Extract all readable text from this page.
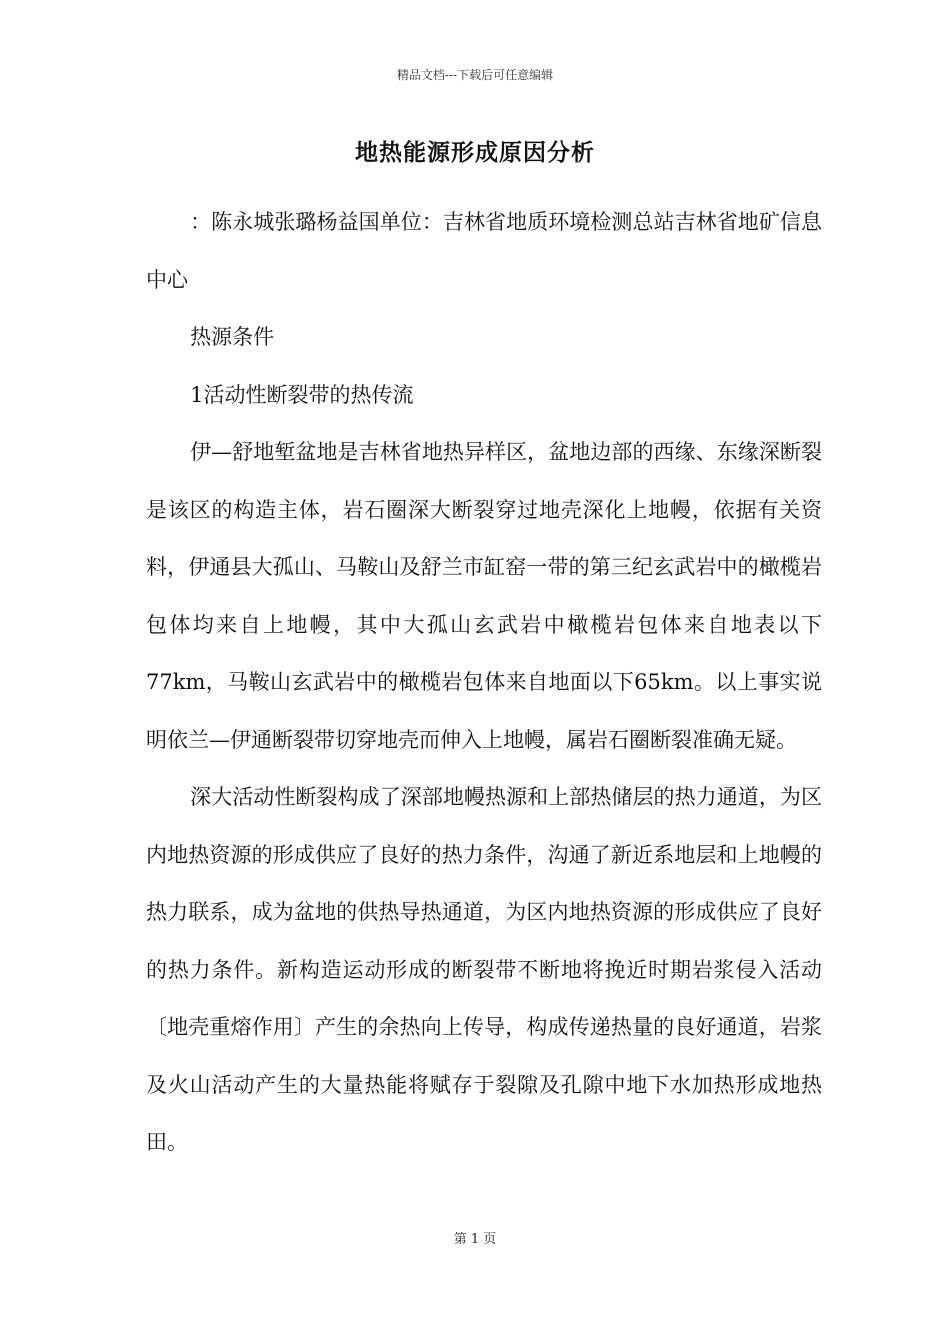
精品文档---下载后可任意编辑
地热能源形成原因分析

：陈永城张璐杨益国单位：吉林省地质环境检测总站吉林省地矿信息中心

热源条件

1活动性断裂带的热传流

伊—舒地堑盆地是吉林省地热异样区，盆地边部的西缘、东缘深断裂是该区的构造主体，岩石圈深大断裂穿过地壳深化上地幔，依据有关资料，伊通县大孤山、马鞍山及舒兰市缸窑一带的第三纪玄武岩中的橄榄岩包体均来自上地幔，其中大孤山玄武岩中橄榄岩包体来自地表以下77km，马鞍山玄武岩中的橄榄岩包体来自地面以下65km。以上事实说明依兰—伊通断裂带切穿地壳而伸入上地幔，属岩石圈断裂准确无疑。

深大活动性断裂构成了深部地幔热源和上部热储层的热力通道，为区内地热资源的形成供应了良好的热力条件，沟通了新近系地层和上地幔的热力联系，成为盆地的供热导热通道，为区内地热资源的形成供应了良好的热力条件。新构造运动形成的断裂带不断地将挽近时期岩浆侵入活动〔地壳重熔作用〕产生的余热向上传导，构成传递热量的良好通道，岩浆及火山活动产生的大量热能将赋存于裂隙及孔隙中地下水加热形成地热田。

第 1 页
